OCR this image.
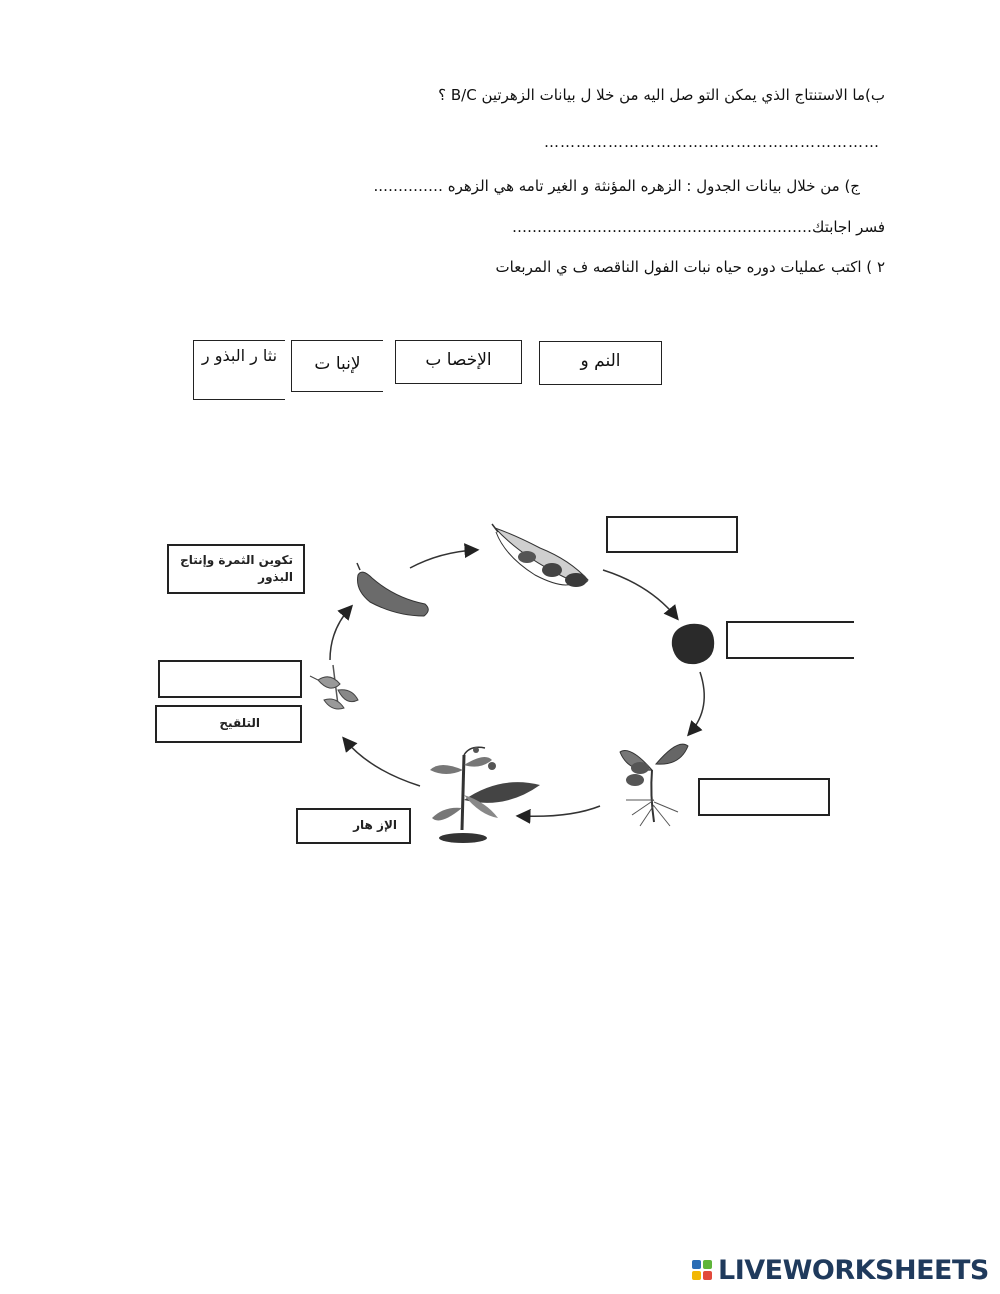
ب)ما الاستنتاج الذي يمكن التو صل اليه من خلا ل بيانات الزهرتين B/C ؟
………………………………………………………
ج) من خلال بيانات الجدول : الزهره المؤنثة و الغير تامه هي الزهره …………..
فسر اجابتك……………………………………………………
٢ ) اكتب عمليات دوره حياه نبات الفول الناقصه ف ي المربعات
نثا ر البذو ر	لإنبا ت	الإخصا ب	النم و
تكوين الثمرة وإنتاج البذور
التلقيح
الإز هار
LIVEWORKSHEETS
